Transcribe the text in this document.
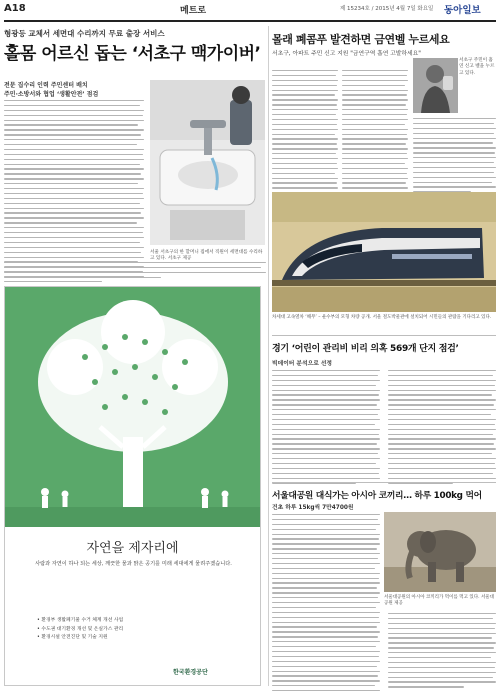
A18	메트로	제 15234호 / 2015년 4월 7일 화요일 동아일보
형광등 교체서 세면대 수리까지 무료 출장 서비스
홀몸 어르신 돕는 ‘서초구 맥가이버’
전문 집수리 인력 주민센터 배치
주민·소방서와 협업 ‘생활안전’ 점검
서울 서초구의 한 할머니 집에서 직원이 세면대를 수리하고 있다. 서초구 제공
자연을 제자리에
사람과 자연이 하나 되는 세상, 깨끗한 물과 맑은 공기를 미래 세대에게 물려주겠습니다.
• 환경부 생활폐기물 수거 체계 개선 사업
• 수도권 대기환경 개선 및 온실가스 관리
• 환경시설 안전진단 및 기술 지원
한국환경공단
몰래 폐콤푸 발견하면 금연벨 누르세요
서초구, 아파트 주민 신고 지원 "금연구역 흡연 고발하세요"
서초구 주민이 흡연 신고 벨을 누르고 있다.
차세대 고속열차 ‘해무’ – 운수부의 모형 차량 공개. 서울 철도박물관에 설치되어 시민들의 관람을 기다리고 있다.
경기 ‘어린이 관리비 비리 의혹 569개 단지 점검’
빅데이터 분석으로 선정
서울대공원 대식가는 아시아 코끼리… 하루 100kg 먹어
건초 하루 15kg씩 7만4700원
서울대공원의 아시아 코끼리가 먹이를 먹고 있다. 서울대공원 제공
